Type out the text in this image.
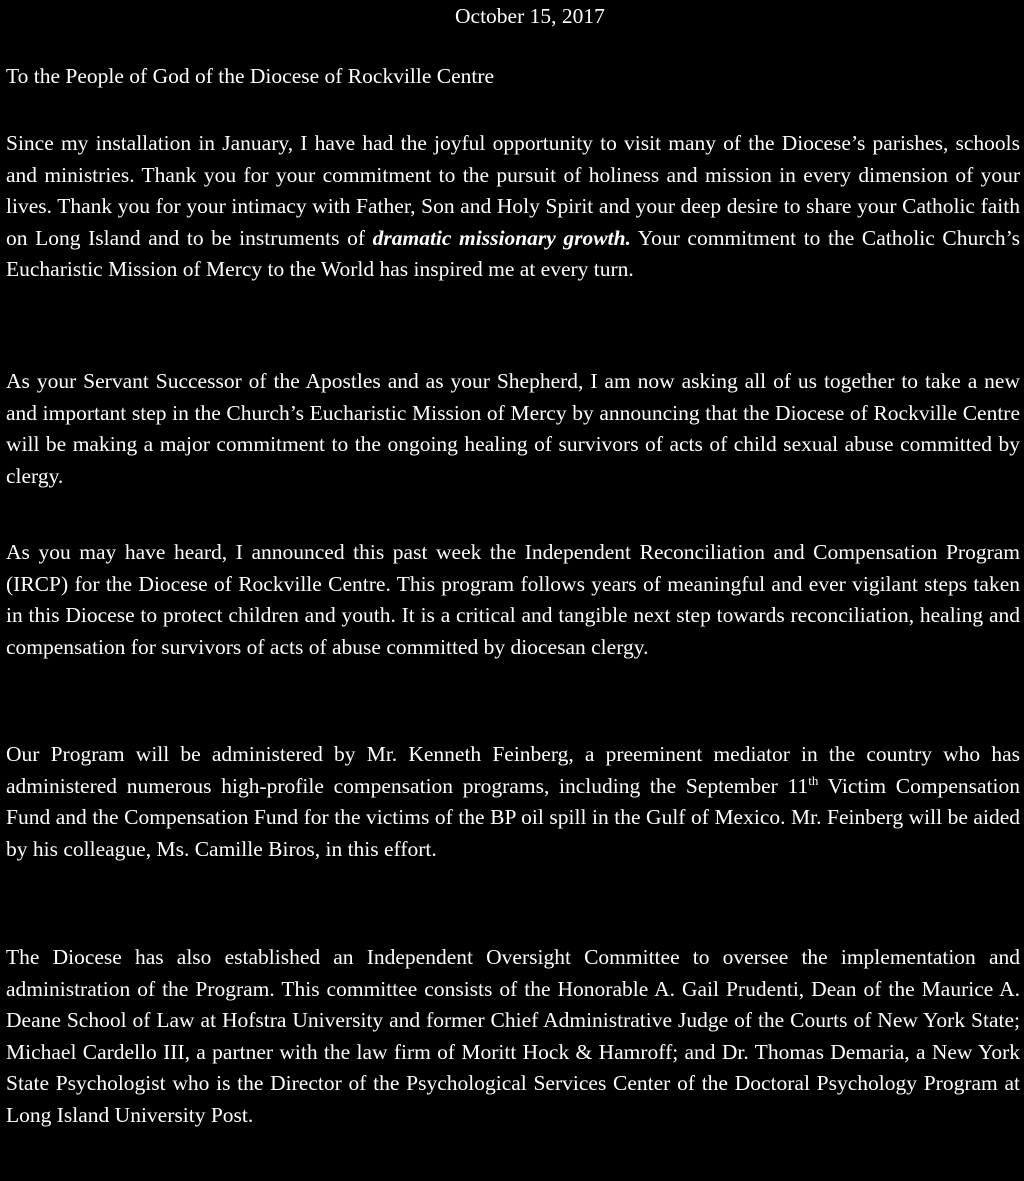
October 15, 2017
To the People of God of the Diocese of Rockville Centre

Since my installation in January, I have had the joyful opportunity to visit many of the Diocese’s parishes, schools and ministries. Thank you for your commitment to the pursuit of holiness and mission in every dimension of your lives. Thank you for your intimacy with Father, Son and Holy Spirit and your deep desire to share your Catholic faith on Long Island and to be instruments of dramatic missionary growth. Your commitment to the Catholic Church’s Eucharistic Mission of Mercy to the World has inspired me at every turn.

As your Servant Successor of the Apostles and as your Shepherd, I am now asking all of us together to take a new and important step in the Church’s Eucharistic Mission of Mercy by announcing that the Diocese of Rockville Centre will be making a major commitment to the ongoing healing of survivors of acts of child sexual abuse committed by clergy.

As you may have heard, I announced this past week the Independent Reconciliation and Compensation Program (IRCP) for the Diocese of Rockville Centre. This program follows years of meaningful and ever vigilant steps taken in this Diocese to protect children and youth. It is a critical and tangible next step towards reconciliation, healing and compensation for survivors of acts of abuse committed by diocesan clergy.

Our Program will be administered by Mr. Kenneth Feinberg, a preeminent mediator in the country who has administered numerous high-profile compensation programs, including the September 11th Victim Compensation Fund and the Compensation Fund for the victims of the BP oil spill in the Gulf of Mexico. Mr. Feinberg will be aided by his colleague, Ms. Camille Biros, in this effort.

The Diocese has also established an Independent Oversight Committee to oversee the implementation and administration of the Program. This committee consists of the Honorable A. Gail Prudenti, Dean of the Maurice A. Deane School of Law at Hofstra University and former Chief Administrative Judge of the Courts of New York State; Michael Cardello III, a partner with the law firm of Moritt Hock & Hamroff; and Dr. Thomas Demaria, a New York State Psychologist who is the Director of the Psychological Services Center of the Doctoral Psychology Program at Long Island University Post.
